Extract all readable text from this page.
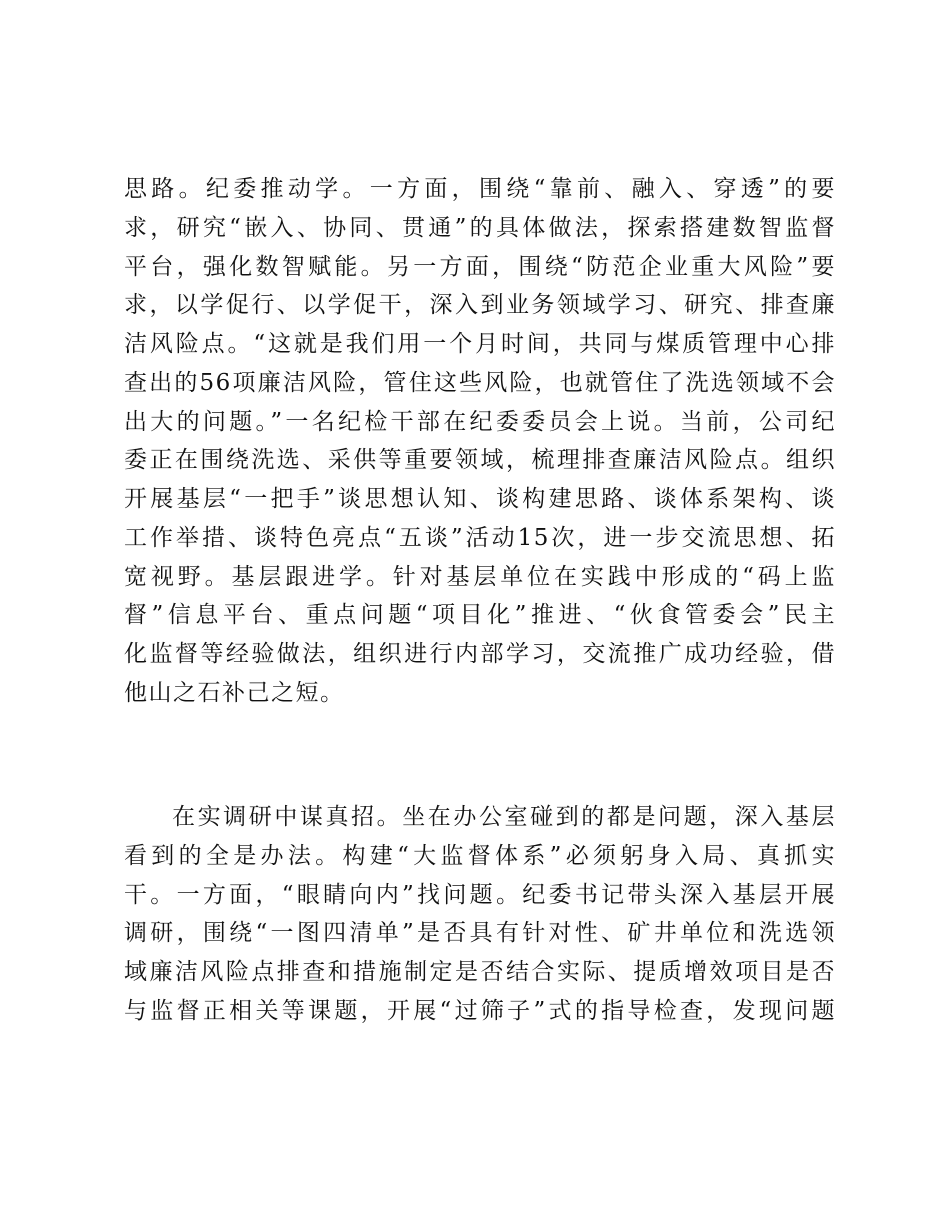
思路。纪委推动学。一方面，围绕“靠前、融入、穿透”的要
求，研究“嵌入、协同、贯通”的具体做法，探索搭建数智监督
平台，强化数智赋能。另一方面，围绕“防范企业重大风险”要
求，以学促行、以学促干，深入到业务领域学习、研究、排查廉
洁风险点。“这就是我们用一个月时间，共同与煤质管理中心排
查出的56项廉洁风险，管住这些风险，也就管住了洗选领域不会
出大的问题。”一名纪检干部在纪委委员会上说。当前，公司纪
委正在围绕洗选、采供等重要领域，梳理排查廉洁风险点。组织
开展基层“一把手”谈思想认知、谈构建思路、谈体系架构、谈
工作举措、谈特色亮点“五谈”活动15次，进一步交流思想、拓
宽视野。基层跟进学。针对基层单位在实践中形成的“码上监
督”信息平台、重点问题“项目化”推进、“伙食管委会”民主
化监督等经验做法，组织进行内部学习，交流推广成功经验，借
他山之石补己之短。
在实调研中谋真招。坐在办公室碰到的都是问题，深入基层
看到的全是办法。构建“大监督体系”必须躬身入局、真抓实
干。一方面，“眼睛向内”找问题。纪委书记带头深入基层开展
调研，围绕“一图四清单”是否具有针对性、矿井单位和洗选领
域廉洁风险点排查和措施制定是否结合实际、提质增效项目是否
与监督正相关等课题，开展“过筛子”式的指导检查，发现问题
